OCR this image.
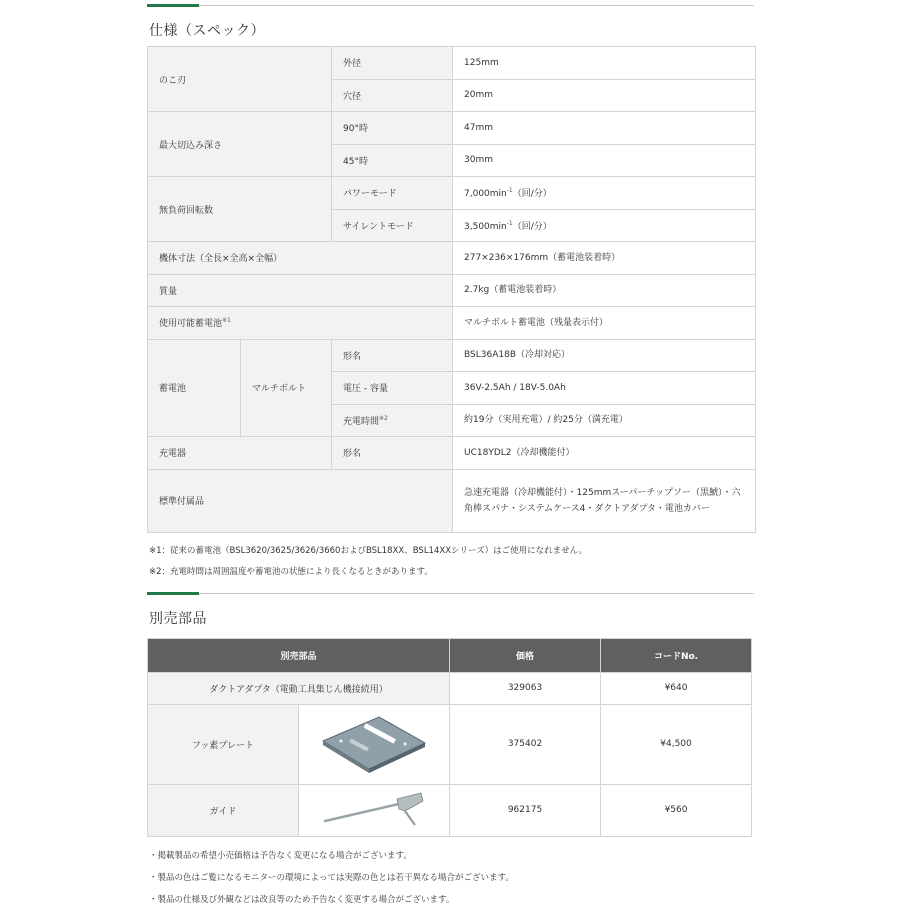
仕様（スペック）
のこ刃		外径	125mm
		穴径	20mm
最大切込み深さ		90°時	47mm
		45°時	30mm
無負荷回転数		パワーモード	$7,000\min^{-1}$（回/分）
		サイレントモード	$3,500\min^{-1}$（回/分）
機体寸法（全長×全高×全幅）			277×236×176mm（蓄電池装着時）
質量			2.7kg（蓄電池装着時）
使用可能蓄電池$^{※1}$			マルチボルト蓄電池（残量表示付）
蓄電池	マルチボルト	形名	BSL36A18B（冷却対応）
		電圧 - 容量	36V-2.5Ah / 18V-5.0Ah
		充電時間$^{※2}$	約19分（実用充電）/ 約25分（満充電）
充電器		形名	UC18YDL2（冷却機能付）
標準付属品			急速充電器（冷却機能付）・125mmスーパーチップソー（黒鯱）・六角棒スパナ・システムケース4・ダクトアダプタ・電池カバー
※1：従来の蓄電池（BSL3620/3625/3626/3660およびBSL18XX、BSL14XXシリーズ）はご使用になれません。
※2：充電時間は周囲温度や蓄電池の状態により長くなるときがあります。
別売部品
別売部品		価格	コードNo.
ダクトアダプタ（電動工具集じん機接続用）		329063	¥640
フッ素プレート		375402	¥4,500
ガイド		962175	¥560
・掲載製品の希望小売価格は予告なく変更になる場合がございます。
・製品の色はご覧になるモニターの環境によっては実際の色とは若干異なる場合がございます。
・製品の仕様及び外観などは改良等のため予告なく変更する場合がございます。
